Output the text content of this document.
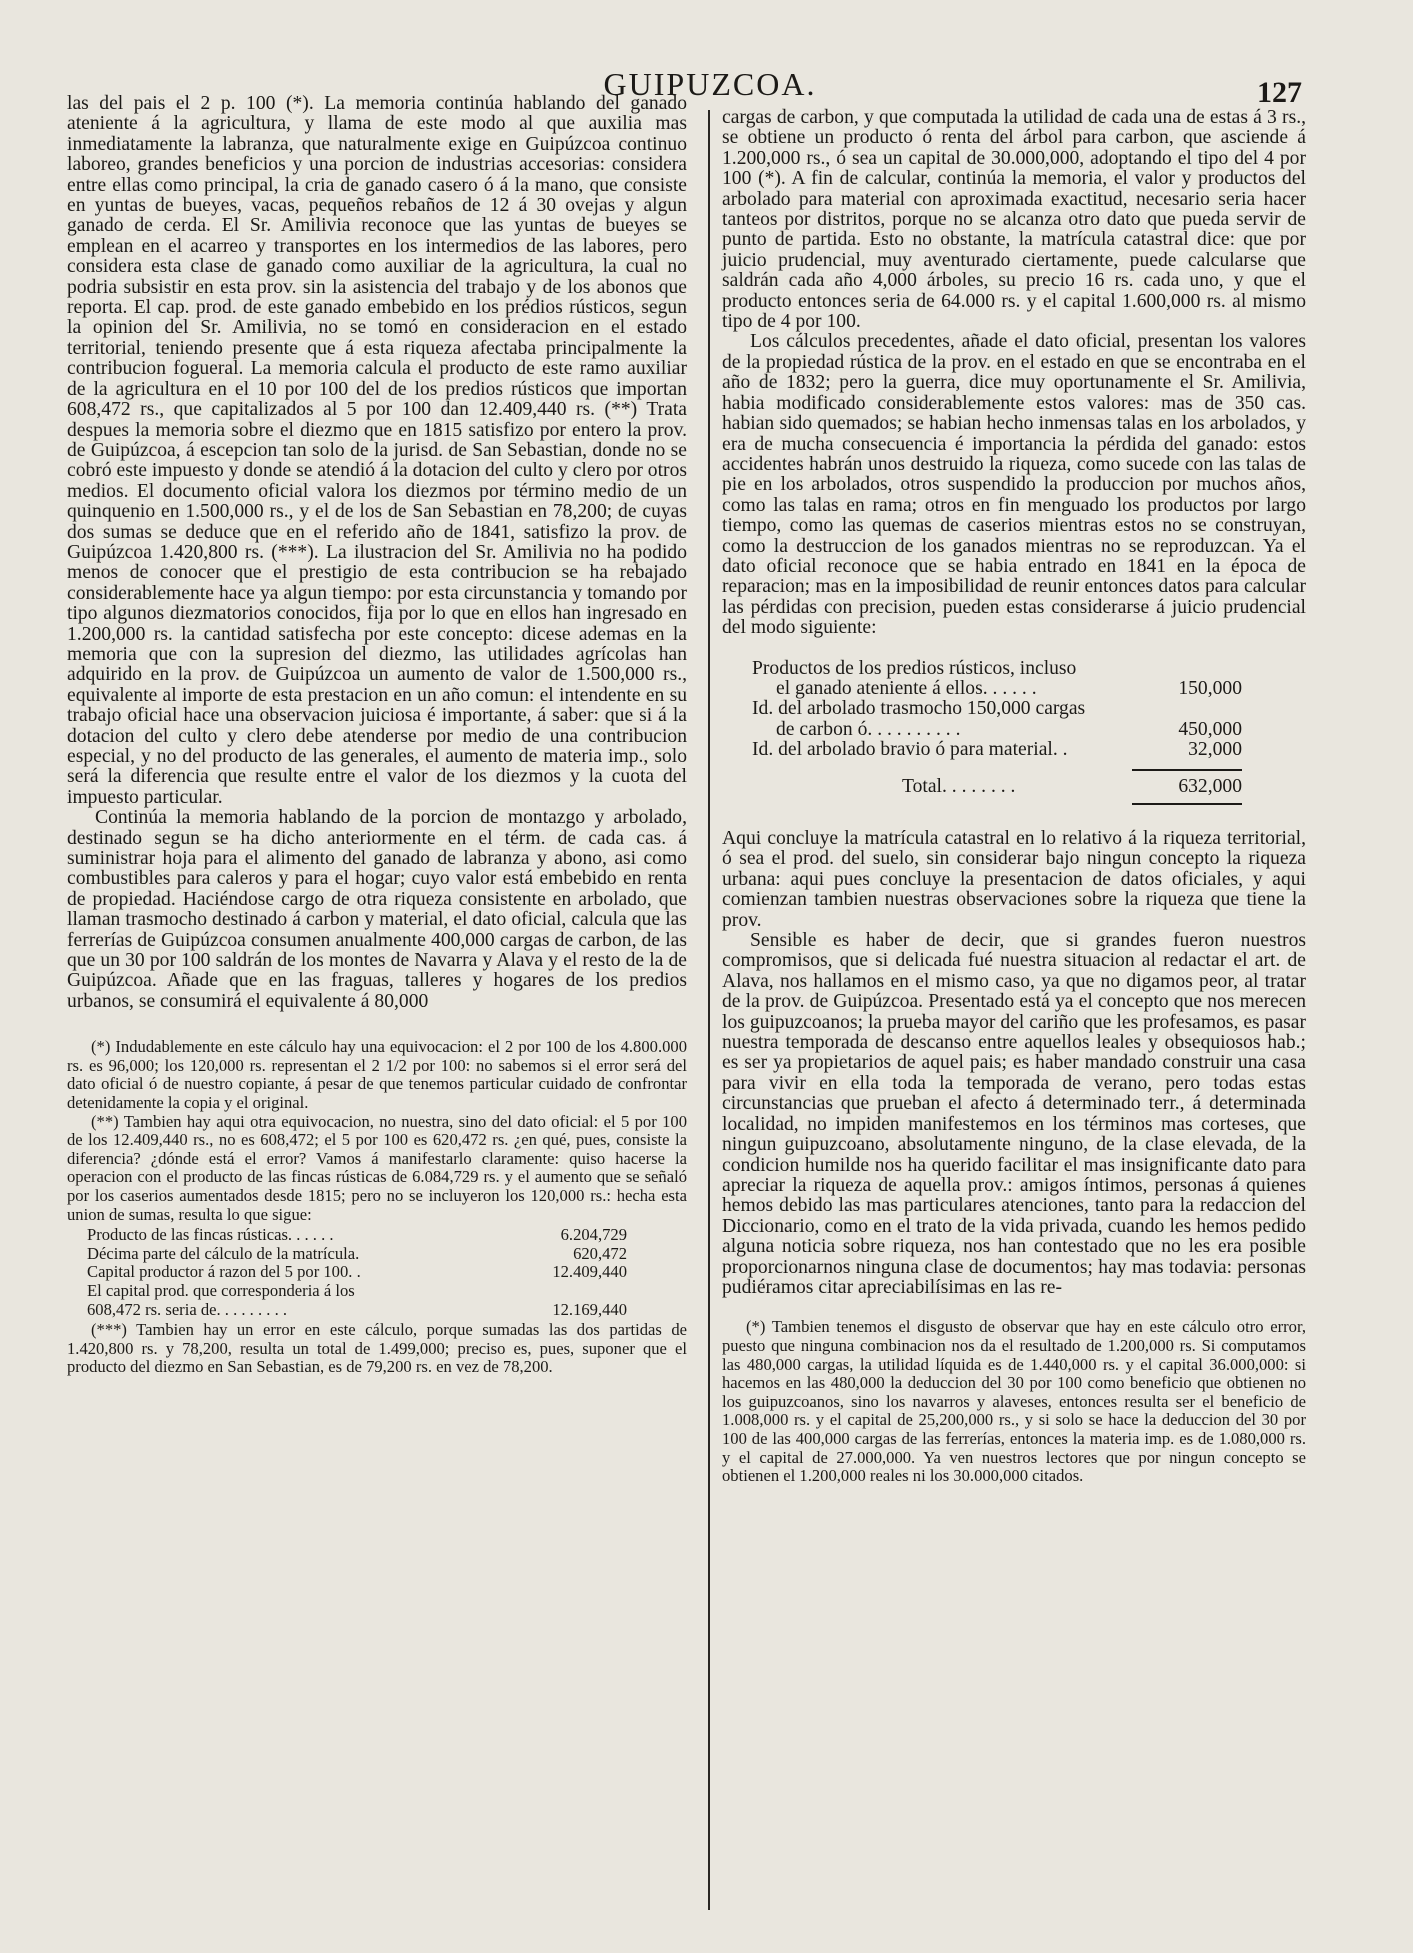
GUIPUZCOA.	127

las del pais el 2 p. 100 (*). La memoria continúa hablando del ganado ateniente á la agricultura, y llama de este modo al que auxilia mas inmediatamente la labranza, que naturalmente exige en Guipúzcoa continuo laboreo, grandes beneficios y una porcion de industrias accesorias: considera entre ellas como principal, la cria de ganado casero ó á la mano, que consiste en yuntas de bueyes, vacas, pequeños rebaños de 12 á 30 ovejas y algun ganado de cerda. El Sr. Amilivia reconoce que las yuntas de bueyes se emplean en el acarreo y transportes en los intermedios de las labores, pero considera esta clase de ganado como auxiliar de la agricultura, la cual no podria subsistir en esta prov. sin la asistencia del trabajo y de los abonos que reporta. El cap. prod. de este ganado embebido en los prédios rústicos, segun la opinion del Sr. Amilivia, no se tomó en consideracion en el estado territorial, teniendo presente que á esta riqueza afectaba principalmente la contribucion fogueral. La memoria calcula el producto de este ramo auxiliar de la agricultura en el 10 por 100 del de los predios rústicos que importan 608,472 rs., que capitalizados al 5 por 100 dan 12.409,440 rs. (**) Trata despues la memoria sobre el diezmo que en 1815 satisfizo por entero la prov. de Guipúzcoa, á escepcion tan solo de la jurisd. de San Sebastian, donde no se cobró este impuesto y donde se atendió á la dotacion del culto y clero por otros medios. El documento oficial valora los diezmos por término medio de un quinquenio en 1.500,000 rs., y el de los de San Sebastian en 78,200; de cuyas dos sumas se deduce que en el referido año de 1841, satisfizo la prov. de Guipúzcoa 1.420,800 rs. (***). La ilustracion del Sr. Amilivia no ha podido menos de conocer que el prestigio de esta contribucion se ha rebajado considerablemente hace ya algun tiempo: por esta circunstancia y tomando por tipo algunos diezmatorios conocidos, fija por lo que en ellos han ingresado en 1.200,000 rs. la cantidad satisfecha por este concepto: dicese ademas en la memoria que con la supresion del diezmo, las utilidades agrícolas han adquirido en la prov. de Guipúzcoa un aumento de valor de 1.500,000 rs., equivalente al importe de esta prestacion en un año comun: el intendente en su trabajo oficial hace una observacion juiciosa é importante, á saber: que si á la dotacion del culto y clero debe atenderse por medio de una contribucion especial, y no del producto de las generales, el aumento de materia imp., solo será la diferencia que resulte entre el valor de los diezmos y la cuota del impuesto particular.

Continúa la memoria hablando de la porcion de montazgo y arbolado, destinado segun se ha dicho anteriormente en el térm. de cada cas. á suministrar hoja para el alimento del ganado de labranza y abono, asi como combustibles para caleros y para el hogar; cuyo valor está embebido en renta de propiedad. Haciéndose cargo de otra riqueza consistente en arbolado, que llaman trasmocho destinado á carbon y material, el dato oficial, calcula que las ferrerías de Guipúzcoa consumen anualmente 400,000 cargas de carbon, de las que un 30 por 100 saldrán de los montes de Navarra y Alava y el resto de la de Guipúzcoa. Añade que en las fraguas, talleres y hogares de los predios urbanos, se consumirá el equivalente á 80,000

(*) Indudablemente en este cálculo hay una equivocacion: el 2 por 100 de los 4.800.000 rs. es 96,000; los 120,000 rs. representan el 2 1/2 por 100: no sabemos si el error será del dato oficial ó de nuestro copiante, á pesar de que tenemos particular cuidado de confrontar detenidamente la copia y el original.

(**) Tambien hay aqui otra equivocacion, no nuestra, sino del dato oficial: el 5 por 100 de los 12.409,440 rs., no es 608,472; el 5 por 100 es 620,472 rs. ¿en qué, pues, consiste la diferencia? ¿dónde está el error? Vamos á manifestarlo claramente: quiso hacerse la operacion con el producto de las fincas rústicas de 6.084,729 rs. y el aumento que se señaló por los caserios aumentados desde 1815; pero no se incluyeron los 120,000 rs.: hecha esta union de sumas, resulta lo que sigue:

Producto de las fincas rústicas. . . . . .	6.204,729
Décima parte del cálculo de la matrícula.	620,472
Capital productor á razon del 5 por 100. .	12.409,440
El capital prod. que corresponderia á los	
608,472 rs. seria de. . . . . . . . .	12.169,440

(***) Tambien hay un error en este cálculo, porque sumadas las dos partidas de 1.420,800 rs. y 78,200, resulta un total de 1.499,000; preciso es, pues, suponer que el producto del diezmo en San Sebastian, es de 79,200 rs. en vez de 78,200.

cargas de carbon, y que computada la utilidad de cada una de estas á 3 rs., se obtiene un producto ó renta del árbol para carbon, que asciende á 1.200,000 rs., ó sea un capital de 30.000,000, adoptando el tipo del 4 por 100 (*). A fin de calcular, continúa la memoria, el valor y productos del arbolado para material con aproximada exactitud, necesario seria hacer tanteos por distritos, porque no se alcanza otro dato que pueda servir de punto de partida. Esto no obstante, la matrícula catastral dice: que por juicio prudencial, muy aventurado ciertamente, puede calcularse que saldrán cada año 4,000 árboles, su precio 16 rs. cada uno, y que el producto entonces seria de 64.000 rs. y el capital 1.600,000 rs. al mismo tipo de 4 por 100.

Los cálculos precedentes, añade el dato oficial, presentan los valores de la propiedad rústica de la prov. en el estado en que se encontraba en el año de 1832; pero la guerra, dice muy oportunamente el Sr. Amilivia, habia modificado considerablemente estos valores: mas de 350 cas. habian sido quemados; se habian hecho inmensas talas en los arbolados, y era de mucha consecuencia é importancia la pérdida del ganado: estos accidentes habrán unos destruido la riqueza, como sucede con las talas de pie en los arbolados, otros suspendido la produccion por muchos años, como las talas en rama; otros en fin menguado los productos por largo tiempo, como las quemas de caserios mientras estos no se construyan, como la destruccion de los ganados mientras no se reproduzcan. Ya el dato oficial reconoce que se habia entrado en 1841 en la época de reparacion; mas en la imposibilidad de reunir entonces datos para calcular las pérdidas con precision, pueden estas considerarse á juicio prudencial del modo siguiente:

Productos de los predios rústicos, incluso
el ganado ateniente á ellos. . . . . .	150,000
Id. del arbolado trasmocho 150,000 cargas
de carbon ó. . . . . . . . . .	450,000
Id. del arbolado bravio ó para material. .	32,000
Total. . . . . . . .	632,000

Aqui concluye la matrícula catastral en lo relativo á la riqueza territorial, ó sea el prod. del suelo, sin considerar bajo ningun concepto la riqueza urbana: aqui pues concluye la presentacion de datos oficiales, y aqui comienzan tambien nuestras observaciones sobre la riqueza que tiene la prov.

Sensible es haber de decir, que si grandes fueron nuestros compromisos, que si delicada fué nuestra situacion al redactar el art. de Alava, nos hallamos en el mismo caso, ya que no digamos peor, al tratar de la prov. de Guipúzcoa. Presentado está ya el concepto que nos merecen los guipuzcoanos; la prueba mayor del cariño que les profesamos, es pasar nuestra temporada de descanso entre aquellos leales y obsequiosos hab.; es ser ya propietarios de aquel pais; es haber mandado construir una casa para vivir en ella toda la temporada de verano, pero todas estas circunstancias que prueban el afecto á determinado terr., á determinada localidad, no impiden manifestemos en los términos mas corteses, que ningun guipuzcoano, absolutamente ninguno, de la clase elevada, de la condicion humilde nos ha querido facilitar el mas insignificante dato para apreciar la riqueza de aquella prov.: amigos íntimos, personas á quienes hemos debido las mas particulares atenciones, tanto para la redaccion del Diccionario, como en el trato de la vida privada, cuando les hemos pedido alguna noticia sobre riqueza, nos han contestado que no les era posible proporcionarnos ninguna clase de documentos; hay mas todavia: personas pudiéramos citar apreciabilísimas en las re-

(*) Tambien tenemos el disgusto de observar que hay en este cálculo otro error, puesto que ninguna combinacion nos da el resultado de 1.200,000 rs. Si computamos las 480,000 cargas, la utilidad líquida es de 1.440,000 rs. y el capital 36.000,000: si hacemos en las 480,000 la deduccion del 30 por 100 como beneficio que obtienen no los guipuzcoanos, sino los navarros y alaveses, entonces resulta ser el beneficio de 1.008,000 rs. y el capital de 25,200,000 rs., y si solo se hace la deduccion del 30 por 100 de las 400,000 cargas de las ferrerías, entonces la materia imp. es de 1.080,000 rs. y el capital de 27.000,000. Ya ven nuestros lectores que por ningun concepto se obtienen el 1.200,000 reales ni los 30.000,000 citados.
